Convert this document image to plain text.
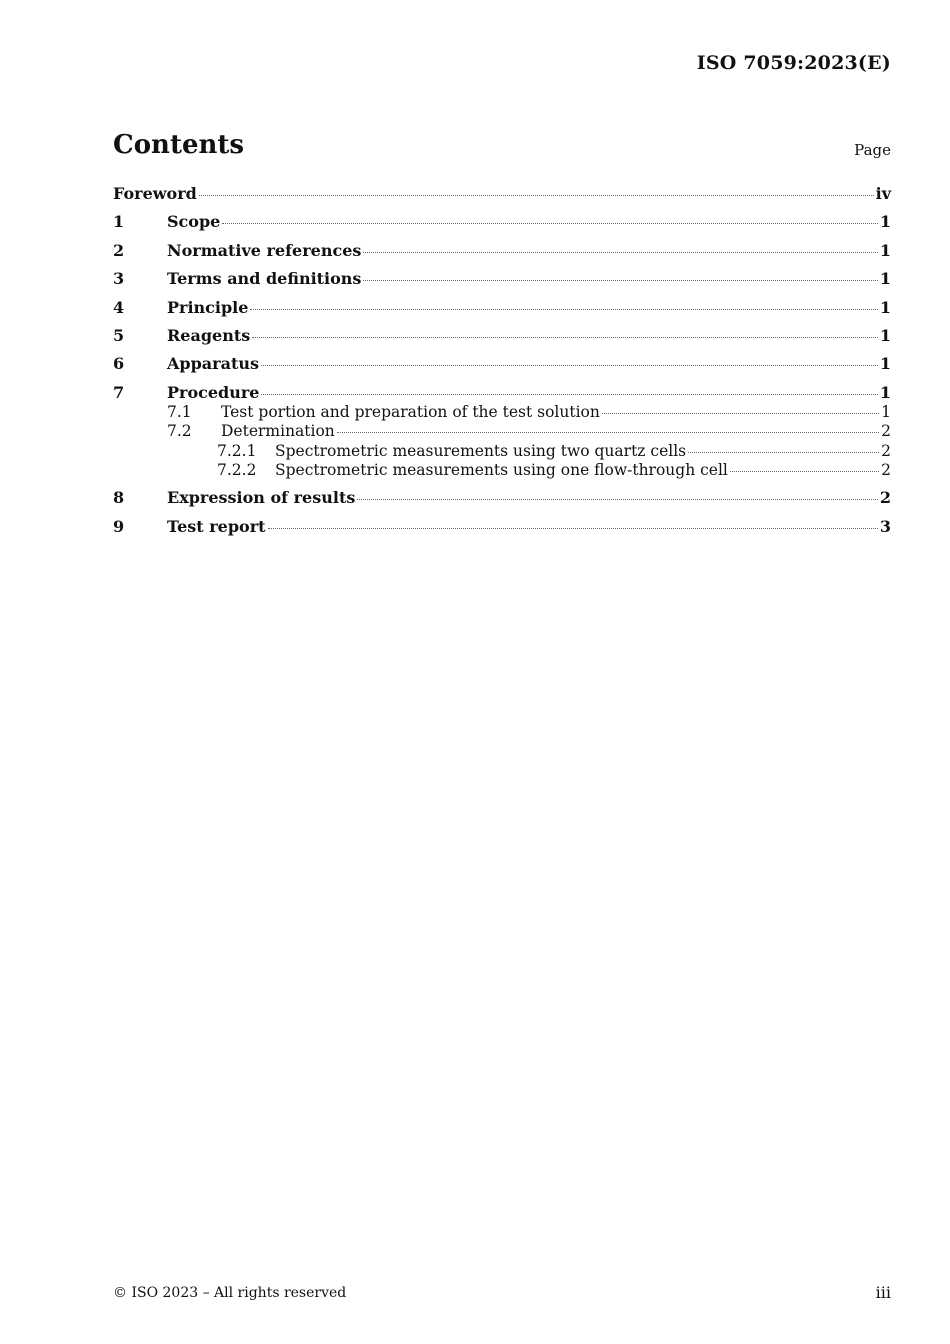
ISO 7059:2023(E)
Contents	Page
Foreword	iv
1	Scope	1
2	Normative references	1
3	Terms and definitions	1
4	Principle	1
5	Reagents	1
6	Apparatus	1
7	Procedure	1
7.1	Test portion and preparation of the test solution	1
7.2	Determination	2
7.2.1	Spectrometric measurements using two quartz cells	2
7.2.2	Spectrometric measurements using one flow-through cell	2
8	Expression of results	2
9	Test report	3
© ISO 2023 – All rights reserved	iii
